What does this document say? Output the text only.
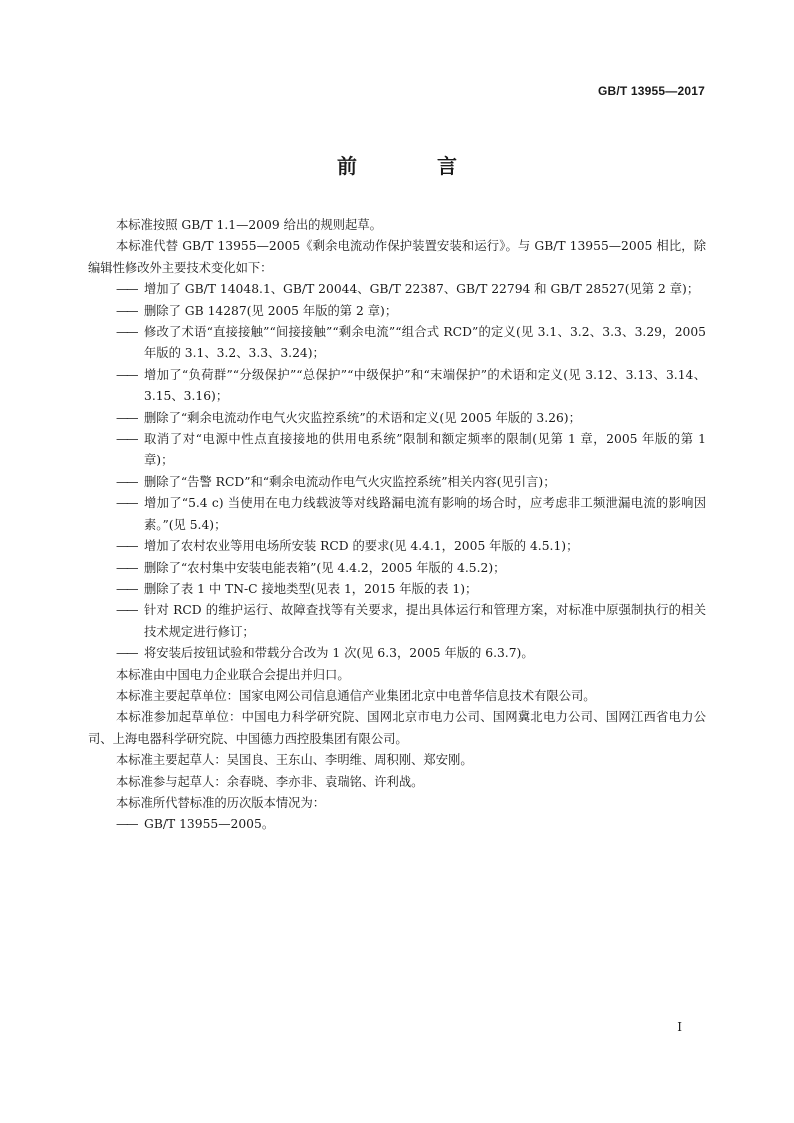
GB/T 13955—2017
前　言

本标准按照 GB/T 1.1—2009 给出的规则起草。

本标准代替 GB/T 13955—2005《剩余电流动作保护装置安装和运行》。与 GB/T 13955—2005 相比，除编辑性修改外主要技术变化如下：

—— 增加了 GB/T 14048.1、GB/T 20044、GB/T 22387、GB/T 22794 和 GB/T 28527(见第 2 章)；
—— 删除了 GB 14287(见 2005 年版的第 2 章)；
—— 修改了术语“直接接触”“间接接触”“剩余电流”“组合式 RCD”的定义(见 3.1、3.2、3.3、3.29，2005 年版的 3.1、3.2、3.3、3.24)；
—— 增加了“负荷群”“分级保护”“总保护”“中级保护”和“末端保护”的术语和定义(见 3.12、3.13、3.14、3.15、3.16)；
—— 删除了“剩余电流动作电气火灾监控系统”的术语和定义(见 2005 年版的 3.26)；
—— 取消了对“电源中性点直接接地的供用电系统”限制和额定频率的限制(见第 1 章，2005 年版的第 1 章)；
—— 删除了“告警 RCD”和“剩余电流动作电气火灾监控系统”相关内容(见引言)；
—— 增加了“5.4 c) 当使用在电力线载波等对线路漏电流有影响的场合时，应考虑非工频泄漏电流的影响因素。”(见 5.4)；
—— 增加了农村农业等用电场所安装 RCD 的要求(见 4.4.1，2005 年版的 4.5.1)；
—— 删除了“农村集中安装电能表箱”(见 4.4.2，2005 年版的 4.5.2)；
—— 删除了表 1 中 TN-C 接地类型(见表 1，2015 年版的表 1)；
—— 针对 RCD 的维护运行、故障查找等有关要求，提出具体运行和管理方案，对标准中原强制执行的相关技术规定进行修订；
—— 将安装后按钮试验和带载分合改为 1 次(见 6.3，2005 年版的 6.3.7)。

本标准由中国电力企业联合会提出并归口。

本标准主要起草单位：国家电网公司信息通信产业集团北京中电普华信息技术有限公司。

本标准参加起草单位：中国电力科学研究院、国网北京市电力公司、国网冀北电力公司、国网江西省电力公司、上海电器科学研究院、中国德力西控股集团有限公司。

本标准主要起草人：吴国良、王东山、李明维、周积刚、郑安刚。

本标准参与起草人：余春晓、李亦非、袁瑞铭、许利战。

本标准所代替标准的历次版本情况为：

—— GB/T 13955—2005。
I
